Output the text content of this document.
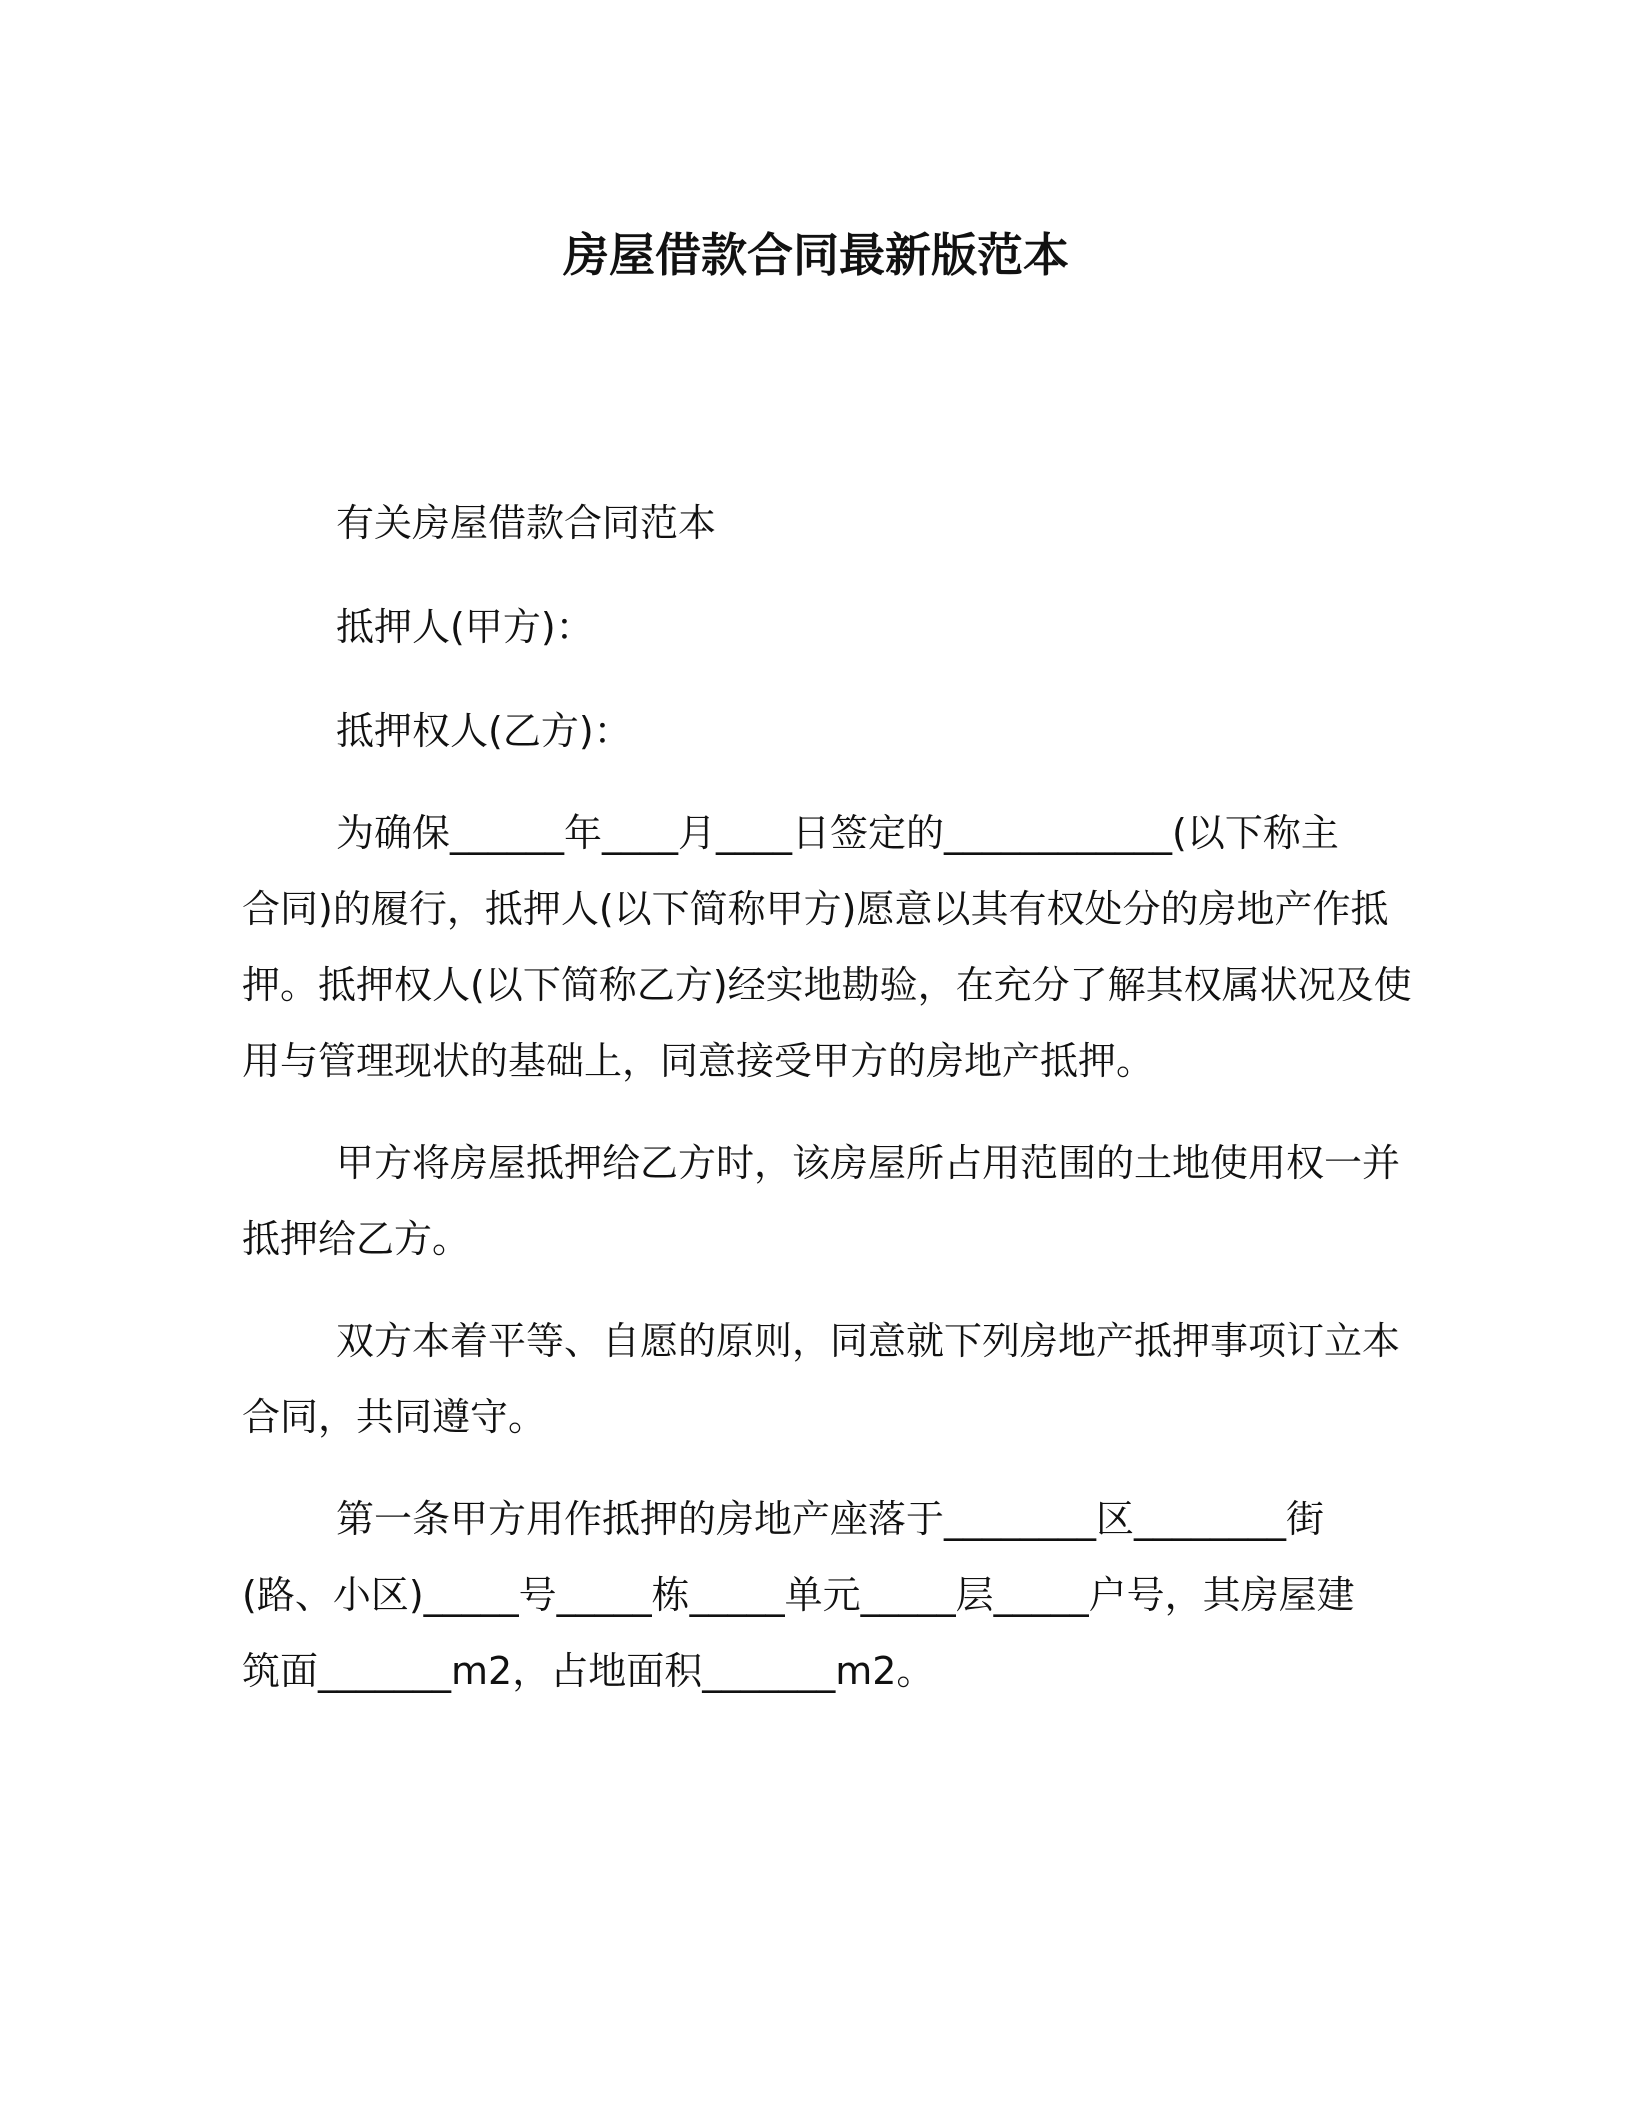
房屋借款合同最新版范本
有关房屋借款合同范本
抵押人(甲方)：
抵押权人(乙方)：
为确保______年____月____日签定的____________(以下称主
合同)的履行，抵押人(以下简称甲方)愿意以其有权处分的房地产作抵
押。抵押权人(以下简称乙方)经实地勘验，在充分了解其权属状况及使
用与管理现状的基础上，同意接受甲方的房地产抵押。
甲方将房屋抵押给乙方时，该房屋所占用范围的土地使用权一并
抵押给乙方。
双方本着平等、自愿的原则，同意就下列房地产抵押事项订立本
合同，共同遵守。
第一条甲方用作抵押的房地产座落于________区________街
(路、小区)_____号_____栋_____单元_____层_____户号，其房屋建
筑面_______m2，占地面积_______m2。
